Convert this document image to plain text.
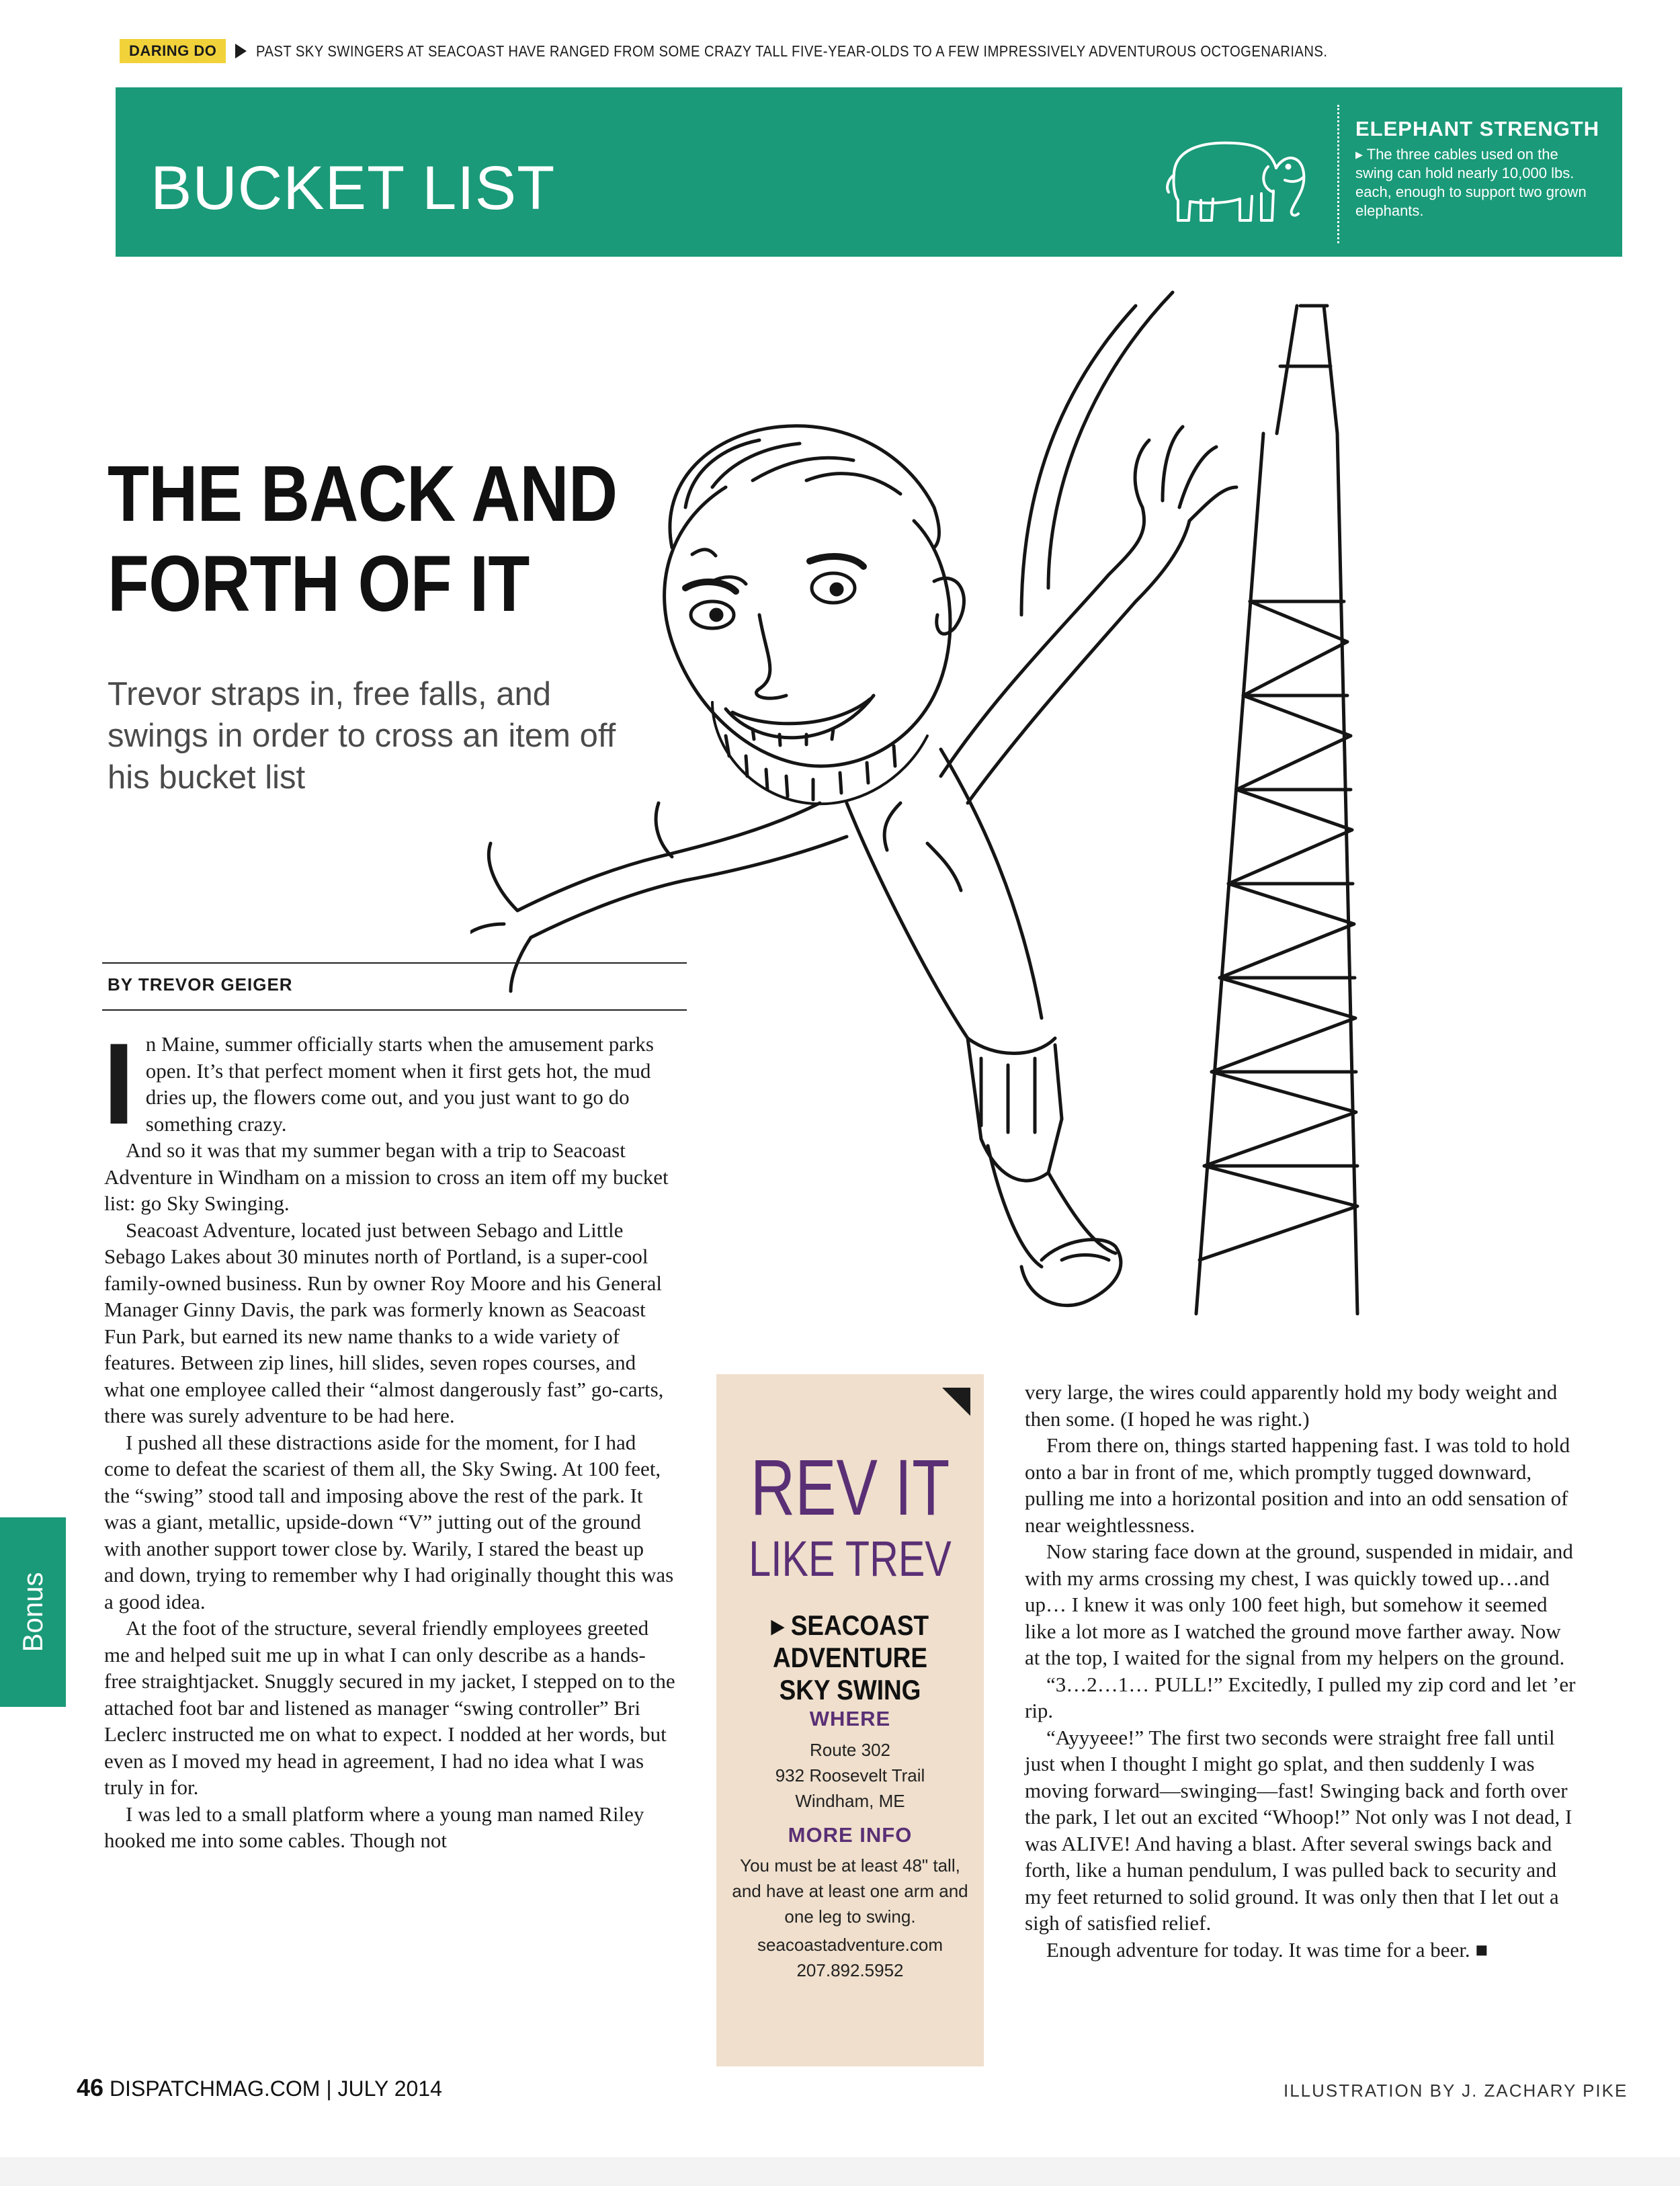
DARING DO	PAST SKY SWINGERS AT SEACOAST HAVE RANGED FROM SOME CRAZY TALL FIVE-YEAR-OLDS TO A FEW IMPRESSIVELY ADVENTUROUS OCTOGENARIANS.
BUCKET LIST
ELEPHANT STRENGTH
▸ The three cables used on the swing can hold nearly 10,000 lbs. each, enough to support two grown elephants.
THE BACK AND
FORTH OF IT
Trevor straps in, free falls, and swings in order to cross an item off his bucket list
BY TREVOR GEIGER

In Maine, summer officially starts when the amusement parks open. It’s that perfect moment when it first gets hot, the mud dries up, the flowers come out, and you just want to go do something crazy.

And so it was that my summer began with a trip to Seacoast Adventure in Windham on a mission to cross an item off my bucket list: go Sky Swinging.

Seacoast Adventure, located just between Sebago and Little Sebago Lakes about 30 minutes north of Portland, is a super-cool family-owned business. Run by owner Roy Moore and his General Manager Ginny Davis, the park was formerly known as Seacoast Fun Park, but earned its new name thanks to a wide variety of features. Between zip lines, hill slides, seven ropes courses, and what one employee called their “almost dangerously fast” go-carts, there was surely adventure to be had here.

I pushed all these distractions aside for the moment, for I had come to defeat the scariest of them all, the Sky Swing. At 100 feet, the “swing” stood tall and imposing above the rest of the park. It was a giant, metallic, upside-down “V” jutting out of the ground with another support tower close by. Warily, I stared the beast up and down, trying to remember why I had originally thought this was a good idea.

At the foot of the structure, several friendly employees greeted me and helped suit me up in what I can only describe as a hands-free straightjacket. Snuggly secured in my jacket, I stepped on to the attached foot bar and listened as manager “swing controller” Bri Leclerc instructed me on what to expect. I nodded at her words, but even as I moved my head in agreement, I had no idea what I was truly in for.

I was led to a small platform where a young man named Riley hooked me into some cables. Though not

REV IT
LIKE TREV
▸ SEACOAST ADVENTURE SKY SWING
WHERE
Route 302
932 Roosevelt Trail
Windham, ME
MORE INFO
You must be at least 48" tall, and have at least one arm and one leg to swing.
seacoastadventure.com
207.892.5952

very large, the wires could apparently hold my body weight and then some. (I hoped he was right.)

From there on, things started happening fast. I was told to hold onto a bar in front of me, which promptly tugged downward, pulling me into a horizontal position and into an odd sensation of near weightlessness.

Now staring face down at the ground, suspended in midair, and with my arms crossing my chest, I was quickly towed up…and up… I knew it was only 100 feet high, but somehow it seemed like a lot more as I watched the ground move farther away. Now at the top, I waited for the signal from my helpers on the ground.

“3…2…1… PULL!” Excitedly, I pulled my zip cord and let ’er rip.

“Ayyyeee!” The first two seconds were straight free fall until just when I thought I might go splat, and then suddenly I was moving forward—swinging—fast! Swinging back and forth over the park, I let out an excited “Whoop!” Not only was I not dead, I was ALIVE! And having a blast. After several swings back and forth, like a human pendulum, I was pulled back to security and my feet returned to solid ground. It was only then that I let out a sigh of satisfied relief.

Enough adventure for today. It was time for a beer. ■

Bonus
46 DISPATCHMAG.COM | JULY 2014	ILLUSTRATION BY J. ZACHARY PIKE
